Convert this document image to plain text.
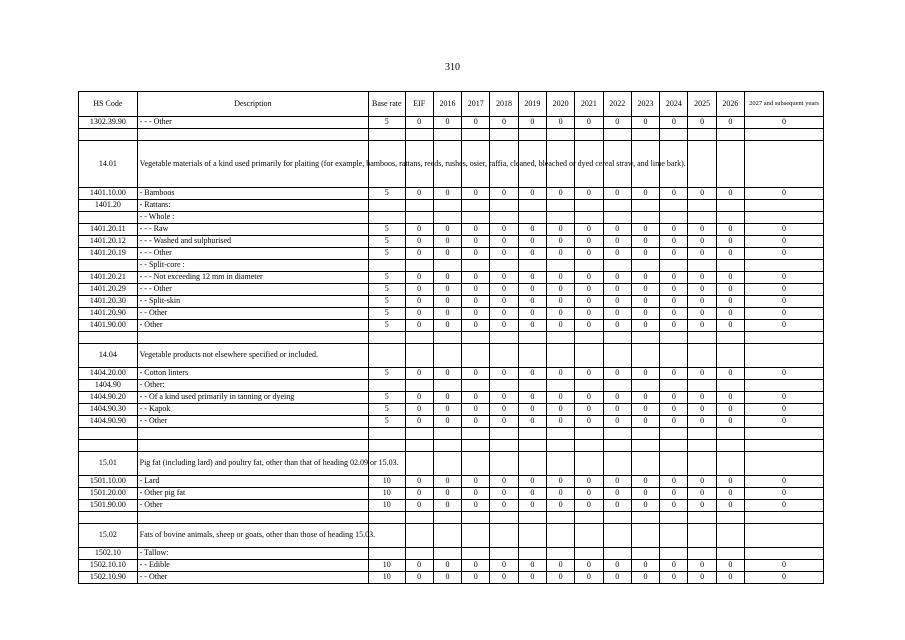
310
HS Code	Description	Base rate	EIF	2016	2017	2018	2019	2020	2021	2022	2023	2024	2025	2026	2027 and subsequent years
1302.39.90	- - - Other	5	0	0	0	0	0	0	0	0	0	0	0	0	0

14.01	Vegetable materials of a kind used primarily for plaiting (for example, bamboos, rattans, reeds, rushes, osier, raffia, cleaned, bleached or dyed cereal straw, and lime bark).														
1401.10.00	- Bamboos	5	0	0	0	0	0	0	0	0	0	0	0	0	0
1401.20	- Rattans:														
	- - Whole :														
1401.20.11	- - - Raw	5	0	0	0	0	0	0	0	0	0	0	0	0	0
1401.20.12	- - - Washed and sulphurised	5	0	0	0	0	0	0	0	0	0	0	0	0	0
1401.20.19	- - - Other	5	0	0	0	0	0	0	0	0	0	0	0	0	0
	- - Split-core :														
1401.20.21	- - - Not exceeding 12 mm in diameter	5	0	0	0	0	0	0	0	0	0	0	0	0	0
1401.20.29	- - - Other	5	0	0	0	0	0	0	0	0	0	0	0	0	0
1401.20.30	- - Split-skin	5	0	0	0	0	0	0	0	0	0	0	0	0	0
1401.20.90	- - Other	5	0	0	0	0	0	0	0	0	0	0	0	0	0
1401.90.00	- Other	5	0	0	0	0	0	0	0	0	0	0	0	0	0

14.04	Vegetable products not elsewhere specified or included.														
1404.20.00	- Cotton linters	5	0	0	0	0	0	0	0	0	0	0	0	0	0
1404.90	- Other:														
1404.90.20	- - Of a kind used primarily in tanning or dyeing	5	0	0	0	0	0	0	0	0	0	0	0	0	0
1404.90.30	- - Kapok	5	0	0	0	0	0	0	0	0	0	0	0	0	0
1404.90.90	- - Other	5	0	0	0	0	0	0	0	0	0	0	0	0	0

15.01	Pig fat (including lard) and poultry fat, other than that of heading 02.09 or 15.03.														
1501.10.00	- Lard	10	0	0	0	0	0	0	0	0	0	0	0	0	0
1501.20.00	- Other pig fat	10	0	0	0	0	0	0	0	0	0	0	0	0	0
1501.90.00	- Other	10	0	0	0	0	0	0	0	0	0	0	0	0	0

15.02	Fats of bovine animals, sheep or goats, other than those of heading 15.03.														
1502.10	- Tallow:														
1502.10.10	- - Edible	10	0	0	0	0	0	0	0	0	0	0	0	0	0
1502.10.90	- - Other	10	0	0	0	0	0	0	0	0	0	0	0	0	0
